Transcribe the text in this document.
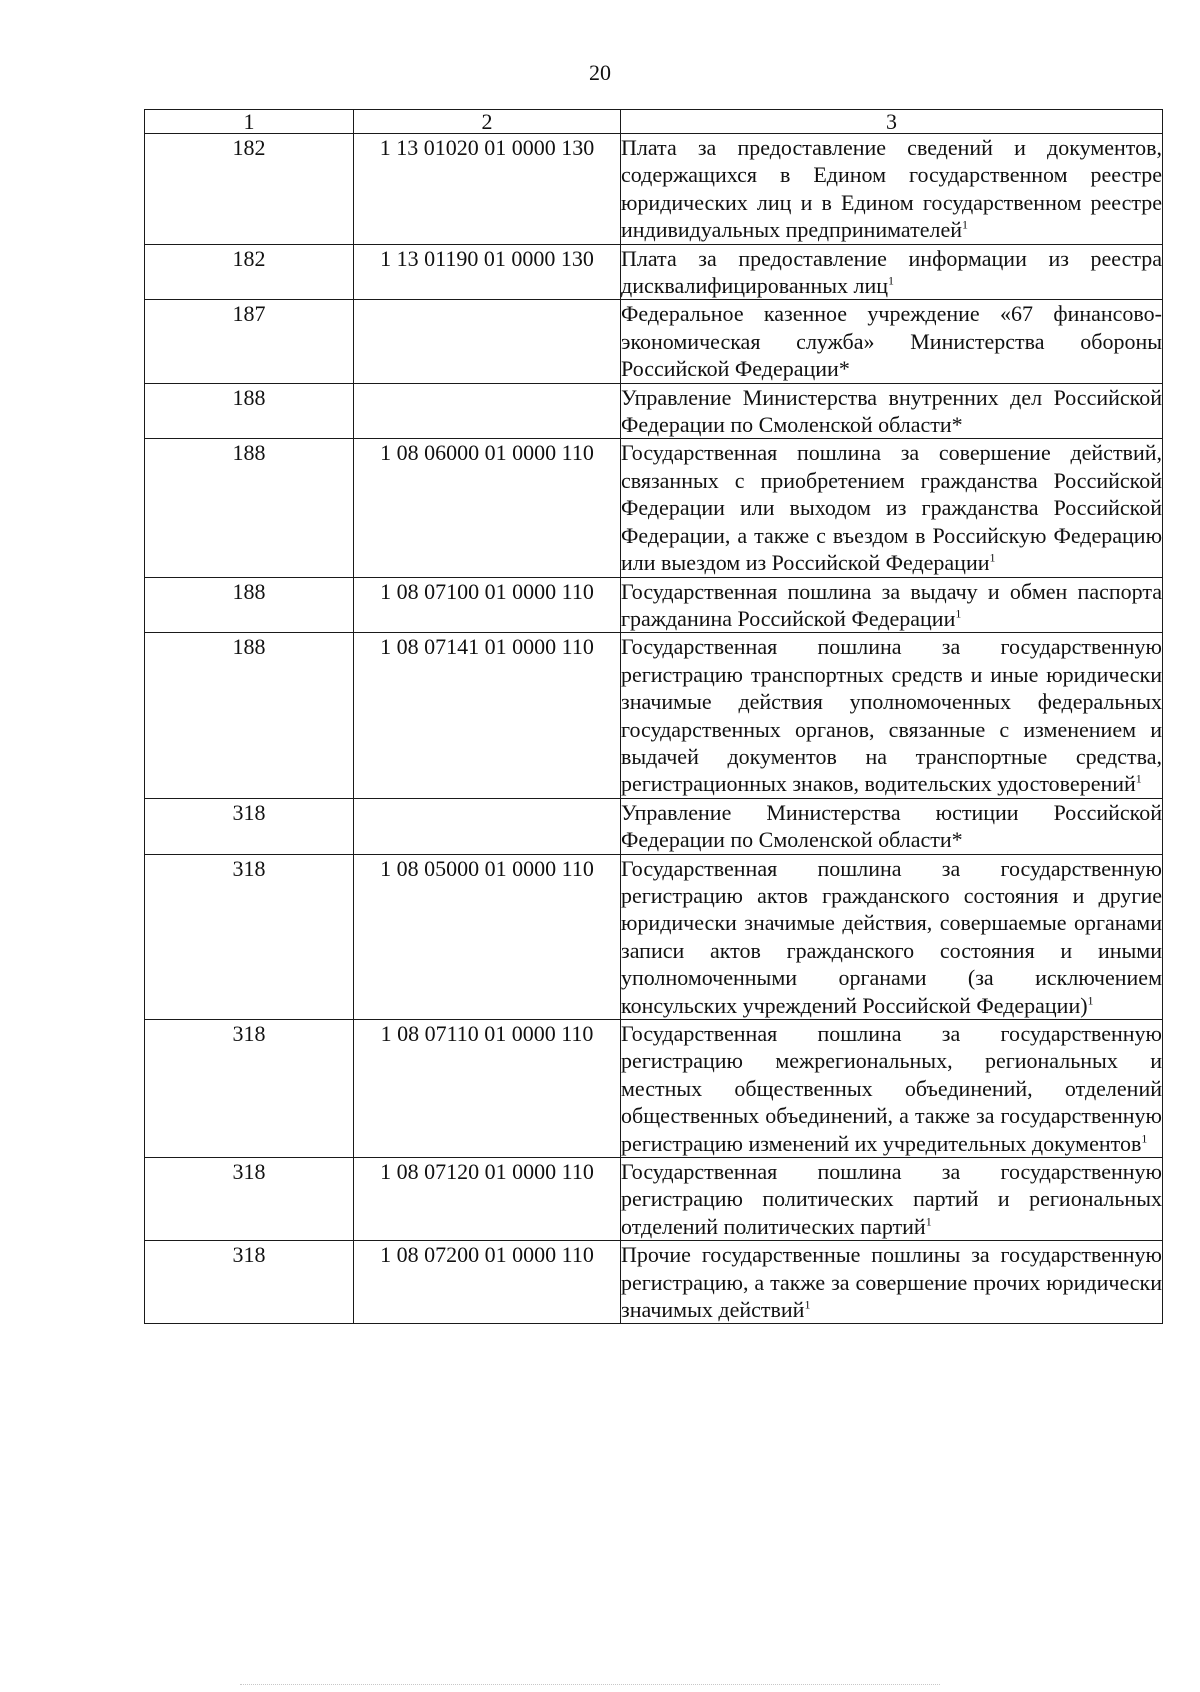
20
1	2	3
182	1 13 01020 01 0000 130	Плата за предоставление сведений и документов, содержащихся в Едином государственном реестре юридических лиц и в Едином государственном реестре индивидуальных предпринимателей$^1$
182	1 13 01190 01 0000 130	Плата за предоставление информации из реестра дисквалифицированных лиц$^1$
187		Федеральное казенное учреждение «67 финансово-экономическая служба» Министерства обороны Российской Федерации*
188		Управление Министерства внутренних дел Российской Федерации по Смоленской области*
188	1 08 06000 01 0000 110	Государственная пошлина за совершение действий, связанных с приобретением гражданства Российской Федерации или выходом из гражданства Российской Федерации, а также с въездом в Российскую Федерацию или выездом из Российской Федерации$^1$
188	1 08 07100 01 0000 110	Государственная пошлина за выдачу и обмен паспорта гражданина Российской Федерации$^1$
188	1 08 07141 01 0000 110	Государственная пошлина за государственную регистрацию транспортных средств и иные юридически значимые действия уполномоченных федеральных государственных органов, связанные с изменением и выдачей документов на транспортные средства, регистрационных знаков, водительских удостоверений$^1$
318		Управление Министерства юстиции Российской Федерации по Смоленской области*
318	1 08 05000 01 0000 110	Государственная пошлина за государственную регистрацию актов гражданского состояния и другие юридически значимые действия, совершаемые органами записи актов гражданского состояния и иными уполномоченными органами (за исключением консульских учреждений Российской Федерации)$^1$
318	1 08 07110 01 0000 110	Государственная пошлина за государственную регистрацию межрегиональных, региональных и местных общественных объединений, отделений общественных объединений, а также за государственную регистрацию изменений их учредительных документов$^1$
318	1 08 07120 01 0000 110	Государственная пошлина за государственную регистрацию политических партий и региональных отделений политических партий$^1$
318	1 08 07200 01 0000 110	Прочие государственные пошлины за государственную регистрацию, а также за совершение прочих юридически значимых действий$^1$
